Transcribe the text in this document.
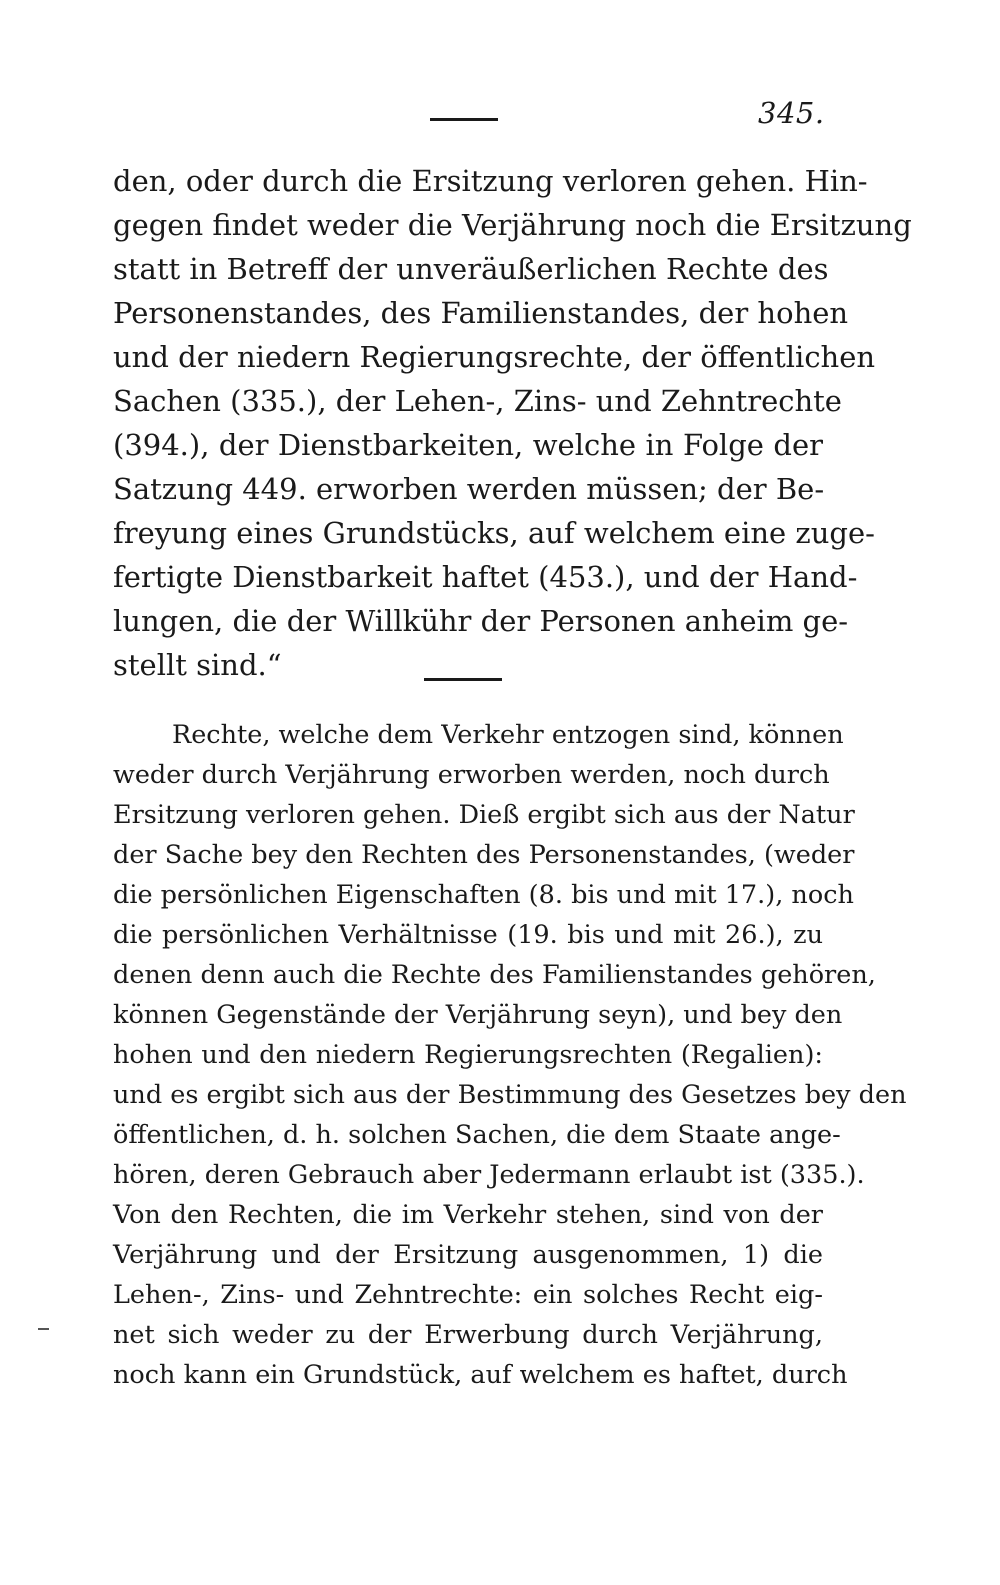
345.
den, oder durch die Ersitzung verloren gehen. Hin-
gegen findet weder die Verjährung noch die Ersitzung
statt in Betreff der unveräußerlichen Rechte des
Personenstandes, des Familienstandes, der hohen
und der niedern Regierungsrechte, der öffentlichen
Sachen (335.), der Lehen-, Zins- und Zehntrechte
(394.), der Dienstbarkeiten, welche in Folge der
Satzung 449. erworben werden müssen; der Be-
freyung eines Grundstücks, auf welchem eine zuge-
fertigte Dienstbarkeit haftet (453.), und der Hand-
lungen, die der Willkühr der Personen anheim ge-
stellt sind.“
Rechte, welche dem Verkehr entzogen sind, können
weder durch Verjährung erworben werden, noch durch
Ersitzung verloren gehen. Dieß ergibt sich aus der Natur
der Sache bey den Rechten des Personenstandes, (weder
die persönlichen Eigenschaften (8. bis und mit 17.), noch
die persönlichen Verhältnisse (19. bis und mit 26.), zu
denen denn auch die Rechte des Familienstandes gehören,
können Gegenstände der Verjährung seyn), und bey den
hohen und den niedern Regierungsrechten (Regalien):
und es ergibt sich aus der Bestimmung des Gesetzes bey den
öffentlichen, d. h. solchen Sachen, die dem Staate ange-
hören, deren Gebrauch aber Jedermann erlaubt ist (335.).
Von den Rechten, die im Verkehr stehen, sind von der
Verjährung und der Ersitzung ausgenommen, 1) die
Lehen-, Zins- und Zehntrechte: ein solches Recht eig-
net sich weder zu der Erwerbung durch Verjährung,
noch kann ein Grundstück, auf welchem es haftet, durch
